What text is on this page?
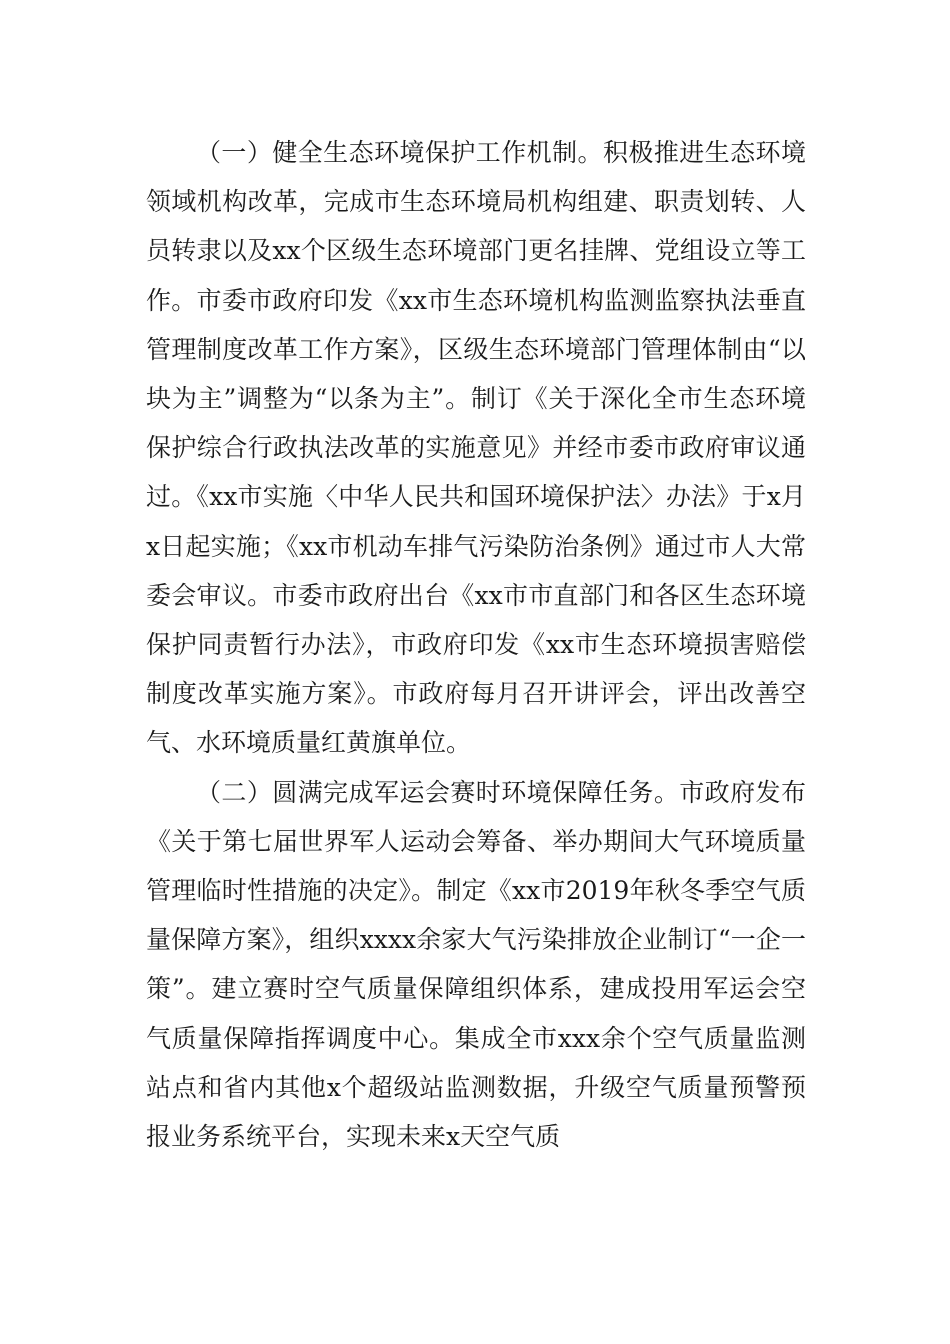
（一）健全生态环境保护工作机制。积极推进生态环境领域机构改革，完成市生态环境局机构组建、职责划转、人员转隶以及xx个区级生态环境部门更名挂牌、党组设立等工作。市委市政府印发《xx市生态环境机构监测监察执法垂直管理制度改革工作方案》，区级生态环境部门管理体制由“以块为主”调整为“以条为主”。制订《关于深化全市生态环境保护综合行政执法改革的实施意见》并经市委市政府审议通过。《xx市实施〈中华人民共和国环境保护法〉办法》于x月x日起实施；《xx市机动车排气污染防治条例》通过市人大常委会审议。市委市政府出台《xx市市直部门和各区生态环境保护同责暂行办法》，市政府印发《xx市生态环境损害赔偿制度改革实施方案》。市政府每月召开讲评会，评出改善空气、水环境质量红黄旗单位。

（二）圆满完成军运会赛时环境保障任务。市政府发布《关于第七届世界军人运动会筹备、举办期间大气环境质量管理临时性措施的决定》。制定《xx市2019年秋冬季空气质量保障方案》，组织xxxx余家大气污染排放企业制订“一企一策”。建立赛时空气质量保障组织体系，建成投用军运会空气质量保障指挥调度中心。集成全市xxx余个空气质量监测站点和省内其他x个超级站监测数据，升级空气质量预警预报业务系统平台，实现未来x天空气质
